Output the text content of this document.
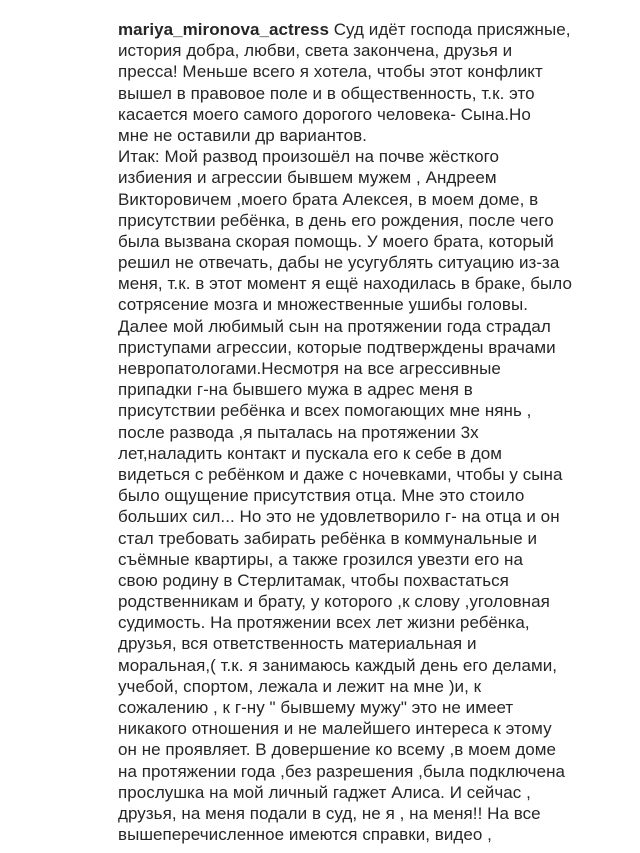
mariya_mironova_actress Суд идёт господа присяжные,
история добра, любви, света закончена, друзья и
пресса! Меньше всего я хотела, чтобы этот конфликт
вышел в правовое поле и в общественность, т.к. это
касается моего самого дорогого человека- Сына.Но
мне не оставили др вариантов.
Итак: Мой развод произошёл на почве жёсткого
избиения и агрессии бывшем мужем , Андреем
Викторовичем ,моего брата Алексея, в моем доме, в
присутствии ребёнка, в день его рождения, после чего
была вызвана скорая помощь. У моего брата, который
решил не отвечать, дабы не усугублять ситуацию из-за
меня, т.к. в этот момент я ещё находилась в браке, было
сотрясение мозга и множественные ушибы головы.
Далее мой любимый сын на протяжении года страдал
приступами агрессии, которые подтверждены врачами
невропатологами.Несмотря на все агрессивные
припадки г-на бывшего мужа в адрес меня в
присутствии ребёнка и всех помогающих мне нянь ,
после развода ,я пыталась на протяжении 3х
лет,наладить контакт и пускала его к себе в дом
видеться с ребёнком и даже с ночевками, чтобы у сына
было ощущение присутствия отца. Мне это стоило
больших сил... Но это не удовлетворило г- на отца и он
стал требовать забирать ребёнка в коммунальные и
съёмные квартиры, а также грозился увезти его на
свою родину в Стерлитамак, чтобы похвастаться
родственникам и брату, у которого ,к слову ,уголовная
судимость. На протяжении всех лет жизни ребёнка,
друзья, вся ответственность материальная и
моральная,( т.к. я занимаюсь каждый день его делами,
учебой, спортом, лежала и лежит на мне )и, к
сожалению , к г-ну " бывшему мужу" это не имеет
никакого отношения и не малейшего интереса к этому
он не проявляет. В довершение ко всему ,в моем доме
на протяжении года ,без разрешения ,была подключена
прослушка на мой личный гаджет Алиса. И сейчас ,
друзья, на меня подали в суд, не я , на меня!! На все
вышеперечисленное имеются справки, видео ,
